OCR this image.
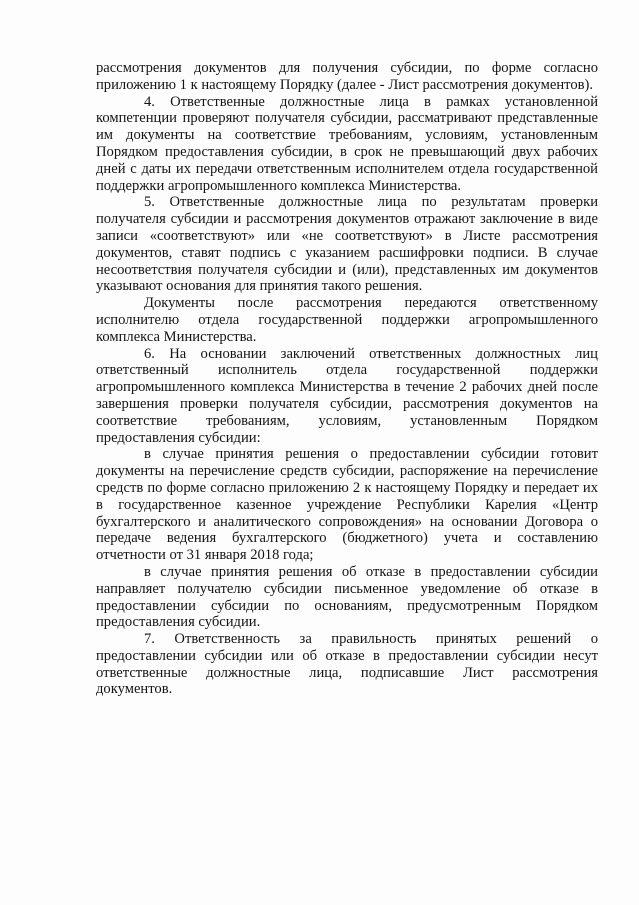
рассмотрения документов для получения субсидии, по форме согласно приложению 1 к настоящему Порядку (далее - Лист рассмотрения документов).

4. Ответственные должностные лица в рамках установленной компетенции проверяют получателя субсидии, рассматривают представленные им документы на соответствие требованиям, условиям, установленным Порядком предоставления субсидии, в срок не превышающий двух рабочих дней с даты их передачи ответственным исполнителем отдела государственной поддержки агропромышленного комплекса Министерства.

5. Ответственные должностные лица по результатам проверки получателя субсидии и рассмотрения документов отражают заключение в виде записи «соответствуют» или «не соответствуют» в Листе рассмотрения документов, ставят подпись с указанием расшифровки подписи. В случае несоответствия получателя субсидии и (или), представленных им документов указывают основания для принятия такого решения.

Документы после рассмотрения передаются ответственному исполнителю отдела государственной поддержки агропромышленного комплекса Министерства.

6. На основании заключений ответственных должностных лиц ответственный исполнитель отдела государственной поддержки агропромышленного комплекса Министерства в течение 2 рабочих дней после завершения проверки получателя субсидии, рассмотрения документов на соответствие требованиям, условиям, установленным Порядком предоставления субсидии:

в случае принятия решения о предоставлении субсидии готовит документы на перечисление средств субсидии, распоряжение на перечисление средств по форме согласно приложению 2 к настоящему Порядку и передает их в государственное казенное учреждение Республики Карелия «Центр бухгалтерского и аналитического сопровождения» на основании Договора о передаче ведения бухгалтерского (бюджетного) учета и составлению отчетности от 31 января 2018 года;

в случае принятия решения об отказе в предоставлении субсидии направляет получателю субсидии письменное уведомление об отказе в предоставлении субсидии по основаниям, предусмотренным Порядком предоставления субсидии.

7. Ответственность за правильность принятых решений о предоставлении субсидии или об отказе в предоставлении субсидии несут ответственные должностные лица, подписавшие Лист рассмотрения документов.
